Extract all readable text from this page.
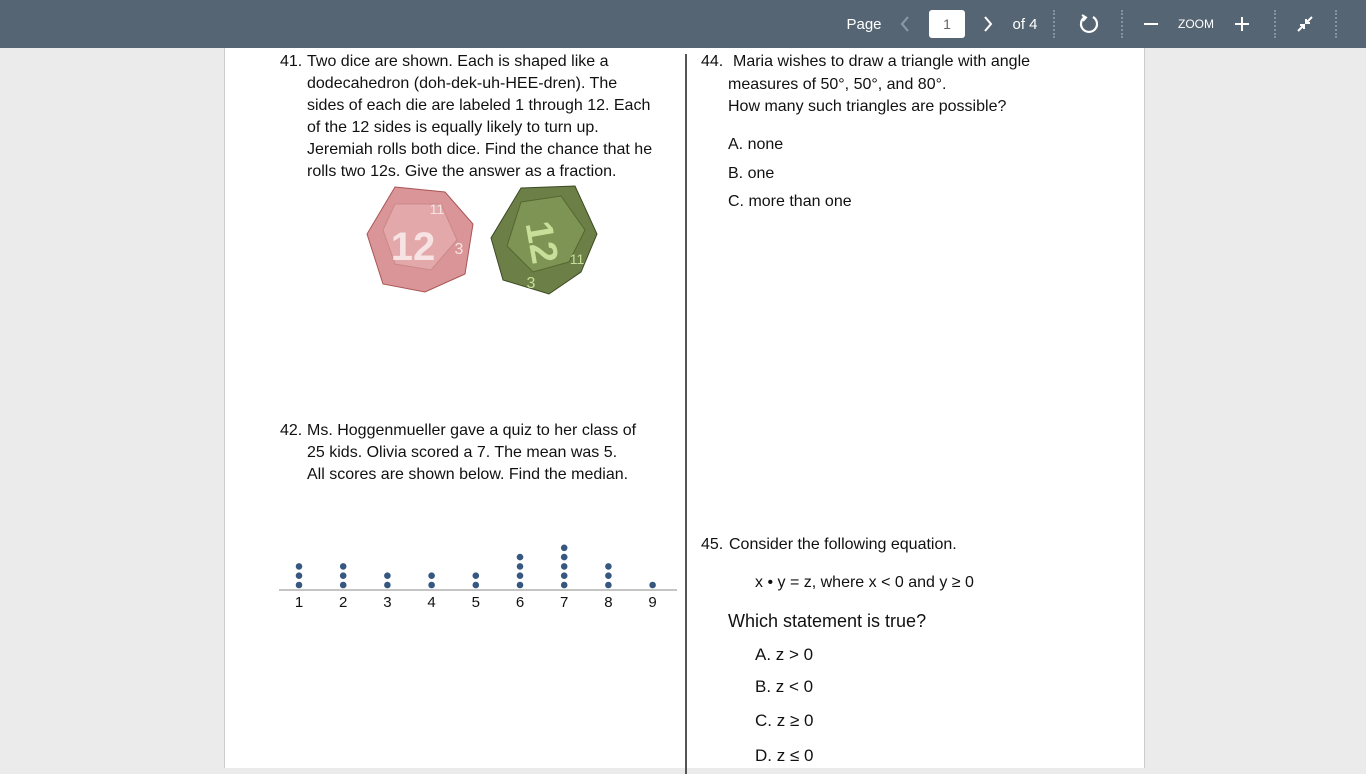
Page
1	of 4	ZOOM
41. Two dice are shown. Each is shaped like a
dodecahedron (doh-dek-uh-HEE-dren). The
sides of each die are labeled 1 through 12. Each
of the 12 sides is equally likely to turn up.
Jeremiah rolls both dice. Find the chance that he
rolls two 12s. Give the answer as a fraction.
12
11
3 12
3
11
42. Ms. Hoggenmueller gave a quiz to her class of
25 kids. Olivia scored a 7. The mean was 5.
All scores are shown below. Find the median.
1 2 3 4 5 6 7 8 9
44. Maria wishes to draw a triangle with angle
measures of 50°, 50°, and 80°.
How many such triangles are possible?
A. none
B. one
C. more than one
45. Consider the following equation.
x • y = z, where x < 0 and y ≥ 0
Which statement is true?
A. z > 0
B. z < 0
C. z ≥ 0
D. z ≤ 0
